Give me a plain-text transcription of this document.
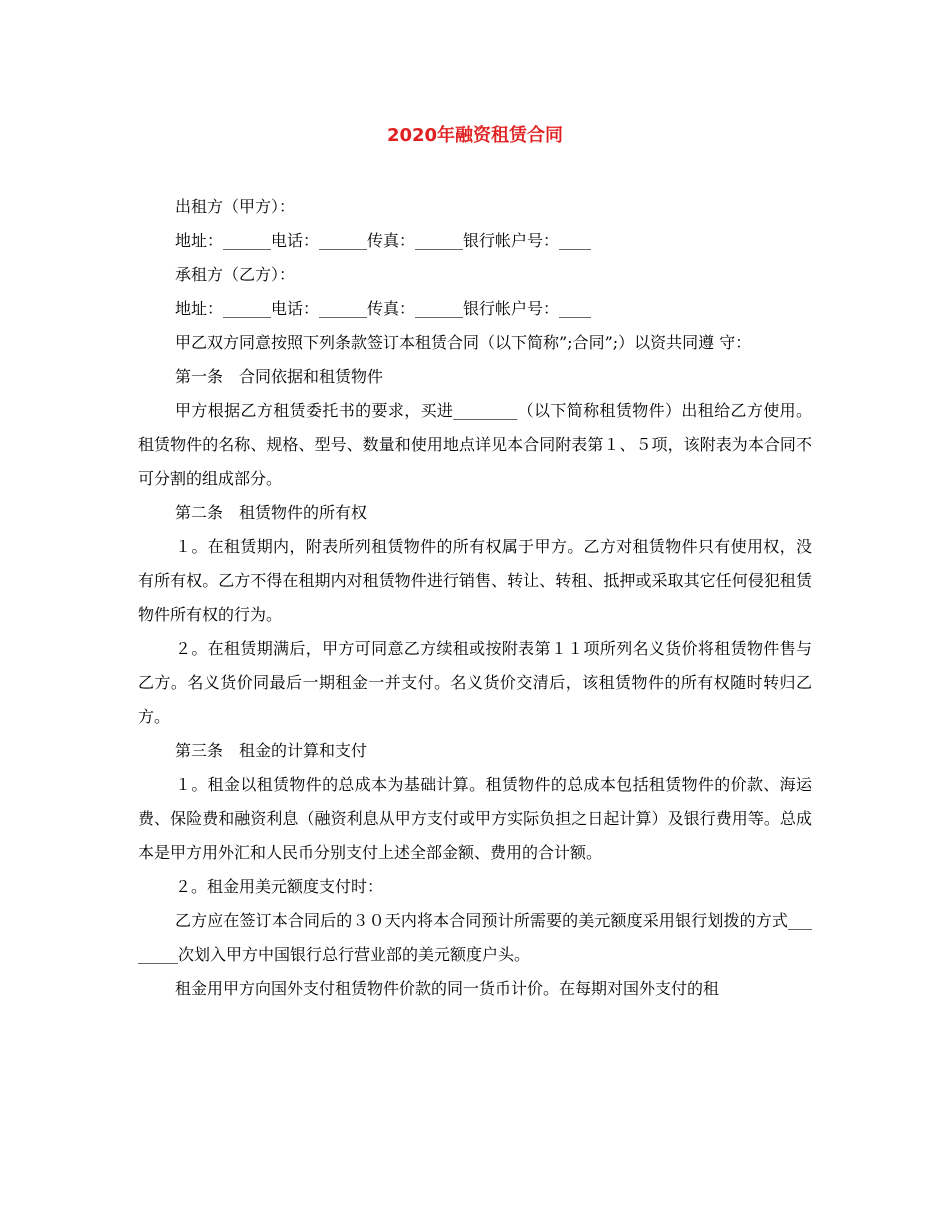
2020年融资租赁合同

出租方（甲方）：

地址：______电话：______传真：______银行帐户号：____

承租方（乙方）：

地址：______电话：______传真：______银行帐户号：____

甲乙双方同意按照下列条款签订本租赁合同（以下简称”;合同”;）以资共同遵 守：

第一条　合同依据和租赁物件

甲方根据乙方租赁委托书的要求，买进________（以下简称租赁物件）出租给乙方使用。租赁物件的名称、规格、型号、数量和使用地点详见本合同附表第１、５项，该附表为本合同不可分割的组成部分。

第二条　租赁物件的所有权

１。在租赁期内，附表所列租赁物件的所有权属于甲方。乙方对租赁物件只有使用权，没有所有权。乙方不得在租期内对租赁物件进行销售、转让、转租、抵押或采取其它任何侵犯租赁物件所有权的行为。

２。在租赁期满后，甲方可同意乙方续租或按附表第１１项所列名义货价将租赁物件售与乙方。名义货价同最后一期租金一并支付。名义货价交清后，该租赁物件的所有权随时转归乙方。

第三条　租金的计算和支付

１。租金以租赁物件的总成本为基础计算。租赁物件的总成本包括租赁物件的价款、海运费、保险费和融资利息（融资利息从甲方支付或甲方实际负担之日起计算）及银行费用等。总成本是甲方用外汇和人民币分别支付上述全部金额、费用的合计额。

２。租金用美元额度支付时：

乙方应在签订本合同后的３０天内将本合同预计所需要的美元额度采用银行划拨的方式________次划入甲方中国银行总行营业部的美元额度户头。

租金用甲方向国外支付租赁物件价款的同一货币计价。在每期对国外支付的租
